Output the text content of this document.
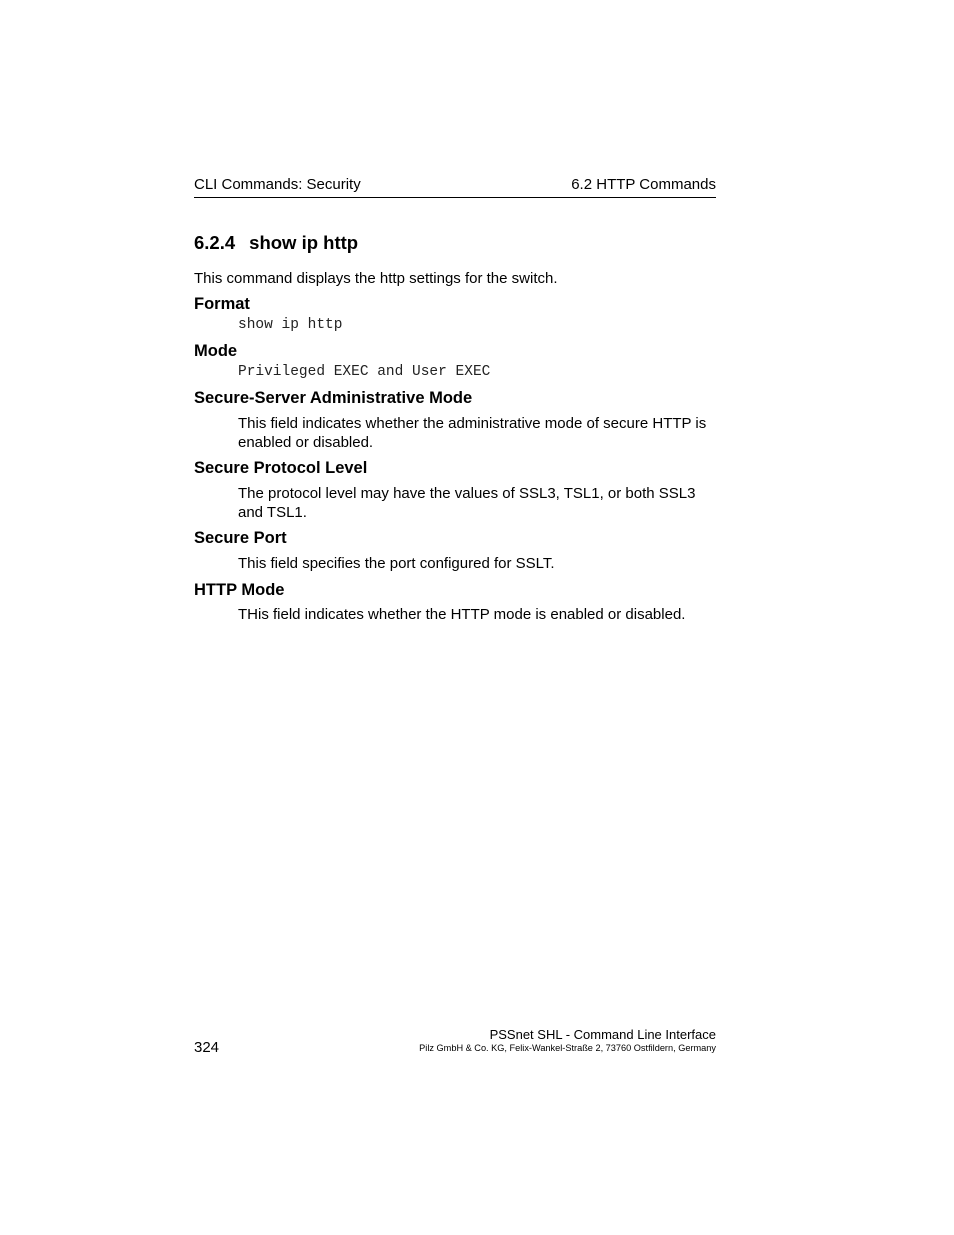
CLI Commands: Security	6.2 HTTP Commands
6.2.4 show ip http
This command displays the http settings for the switch.
Format
show ip http
Mode
Privileged EXEC and User EXEC
Secure-Server Administrative Mode
This field indicates whether the administrative mode of secure HTTP is enabled or disabled.
Secure Protocol Level
The protocol level may have the values of SSL3, TSL1, or both SSL3 and TSL1.
Secure Port
This field specifies the port configured for SSLT.
HTTP Mode
THis field indicates whether the HTTP mode is enabled or disabled.
324
PSSnet SHL - Command Line Interface
Pilz GmbH & Co. KG, Felix-Wankel-Straße 2, 73760 Ostfildern, Germany
